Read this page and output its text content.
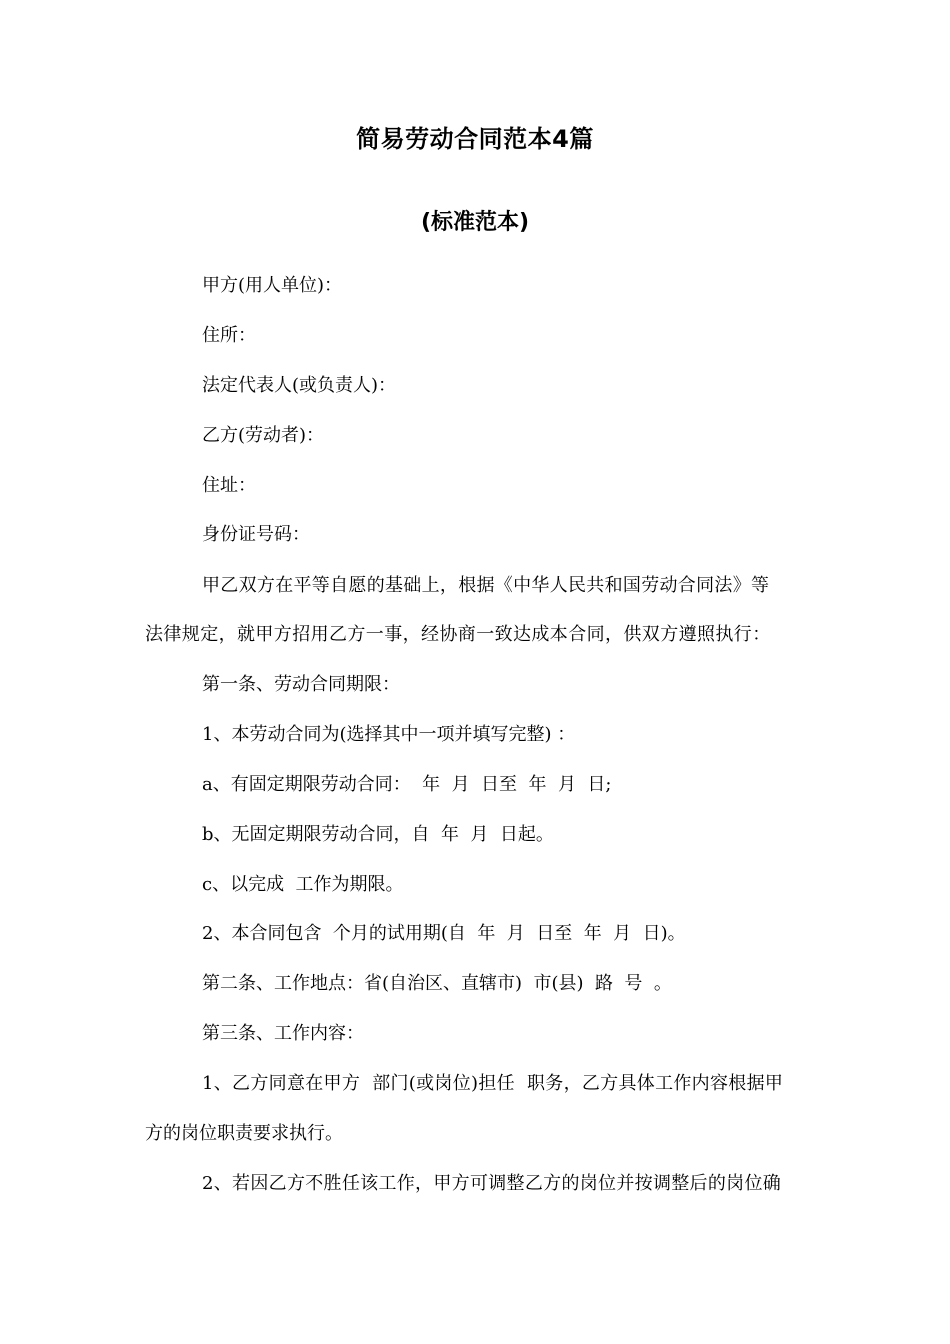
简易劳动合同范本4篇
(标准范本)
甲方(用人单位)：
住所：
法定代表人(或负责人)：
乙方(劳动者)：
住址：
身份证号码：
甲乙双方在平等自愿的基础上，根据《中华人民共和国劳动合同法》等
法律规定，就甲方招用乙方一事，经协商一致达成本合同，供双方遵照执行：
第一条、劳动合同期限：
1、本劳动合同为(选择其中一项并填写完整) ：
a、有固定期限劳动合同：  年  月  日至  年  月  日;
b、无固定期限劳动合同，自  年  月  日起。
c、以完成  工作为期限。
2、本合同包含  个月的试用期(自  年  月  日至  年  月  日)。
第二条、工作地点：省(自治区、直辖市)  市(县)  路  号  。
第三条、工作内容：
1、乙方同意在甲方  部门(或岗位)担任  职务，乙方具体工作内容根据甲
方的岗位职责要求执行。
2、若因乙方不胜任该工作，甲方可调整乙方的岗位并按调整后的岗位确
